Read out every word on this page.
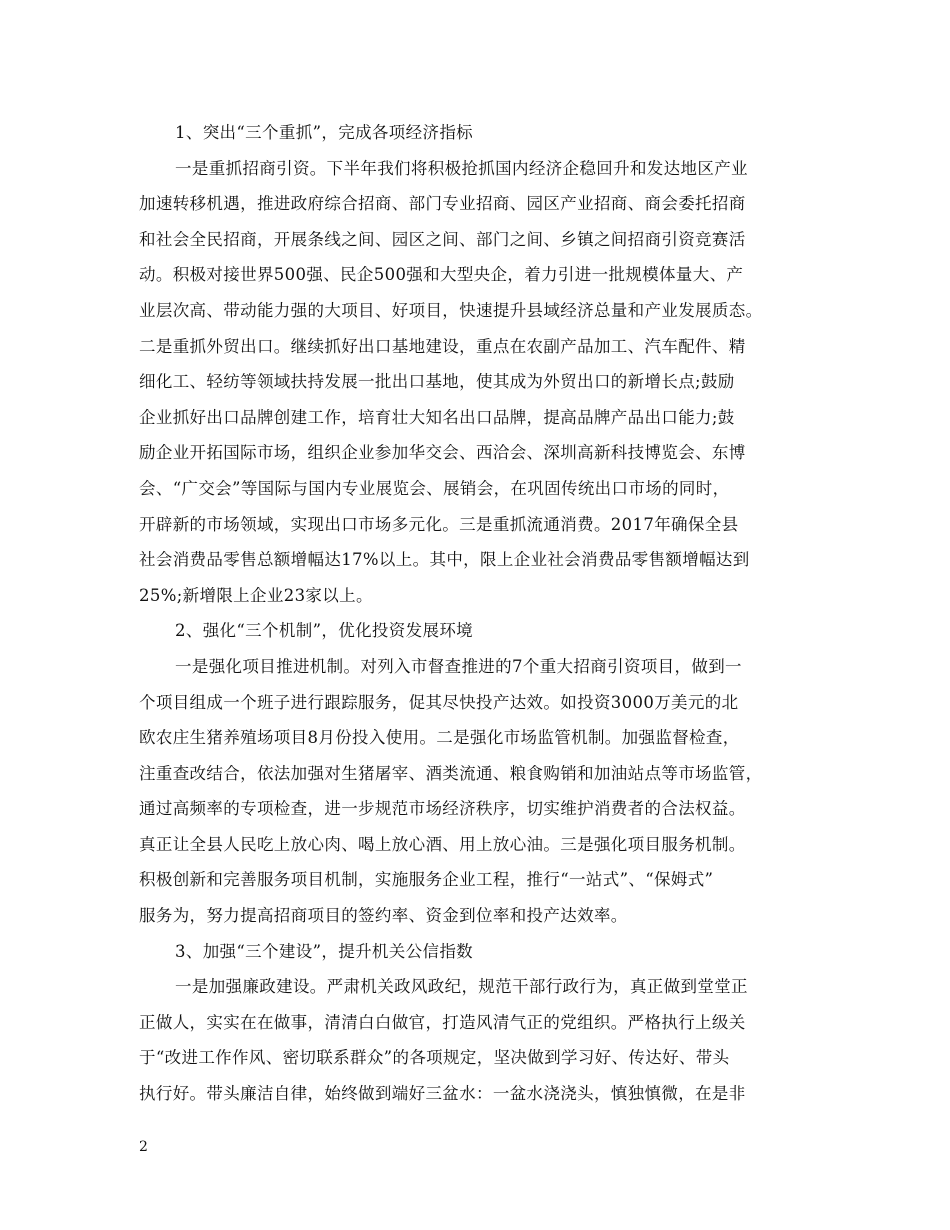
1、突出“三个重抓”，完成各项经济指标
一是重抓招商引资。下半年我们将积极抢抓国内经济企稳回升和发达地区产业
加速转移机遇，推进政府综合招商、部门专业招商、园区产业招商、商会委托招商
和社会全民招商，开展条线之间、园区之间、部门之间、乡镇之间招商引资竞赛活
动。积极对接世界500强、民企500强和大型央企，着力引进一批规模体量大、产
业层次高、带动能力强的大项目、好项目，快速提升县域经济总量和产业发展质态。
二是重抓外贸出口。继续抓好出口基地建设，重点在农副产品加工、汽车配件、精
细化工、轻纺等领域扶持发展一批出口基地，使其成为外贸出口的新增长点;鼓励
企业抓好出口品牌创建工作，培育壮大知名出口品牌，提高品牌产品出口能力;鼓
励企业开拓国际市场，组织企业参加华交会、西洽会、深圳高新科技博览会、东博
会、“广交会”等国际与国内专业展览会、展销会，在巩固传统出口市场的同时，
开辟新的市场领域，实现出口市场多元化。三是重抓流通消费。2017年确保全县
社会消费品零售总额增幅达17%以上。其中，限上企业社会消费品零售额增幅达到
25%;新增限上企业23家以上。
2、强化“三个机制”，优化投资发展环境
一是强化项目推进机制。对列入市督查推进的7个重大招商引资项目，做到一
个项目组成一个班子进行跟踪服务，促其尽快投产达效。如投资3000万美元的北
欧农庄生猪养殖场项目8月份投入使用。二是强化市场监管机制。加强监督检查，
注重查改结合，依法加强对生猪屠宰、酒类流通、粮食购销和加油站点等市场监管，
通过高频率的专项检查，进一步规范市场经济秩序，切实维护消费者的合法权益。
真正让全县人民吃上放心肉、喝上放心酒、用上放心油。三是强化项目服务机制。
积极创新和完善服务项目机制，实施服务企业工程，推行“一站式”、“保姆式”
服务为，努力提高招商项目的签约率、资金到位率和投产达效率。
3、加强“三个建设”，提升机关公信指数
一是加强廉政建设。严肃机关政风政纪，规范干部行政行为，真正做到堂堂正
正做人，实实在在做事，清清白白做官，打造风清气正的党组织。严格执行上级关
于“改进工作作风、密切联系群众”的各项规定，坚决做到学习好、传达好、带头
执行好。带头廉洁自律，始终做到端好三盆水：一盆水浇浇头，慎独慎微，在是非
2
